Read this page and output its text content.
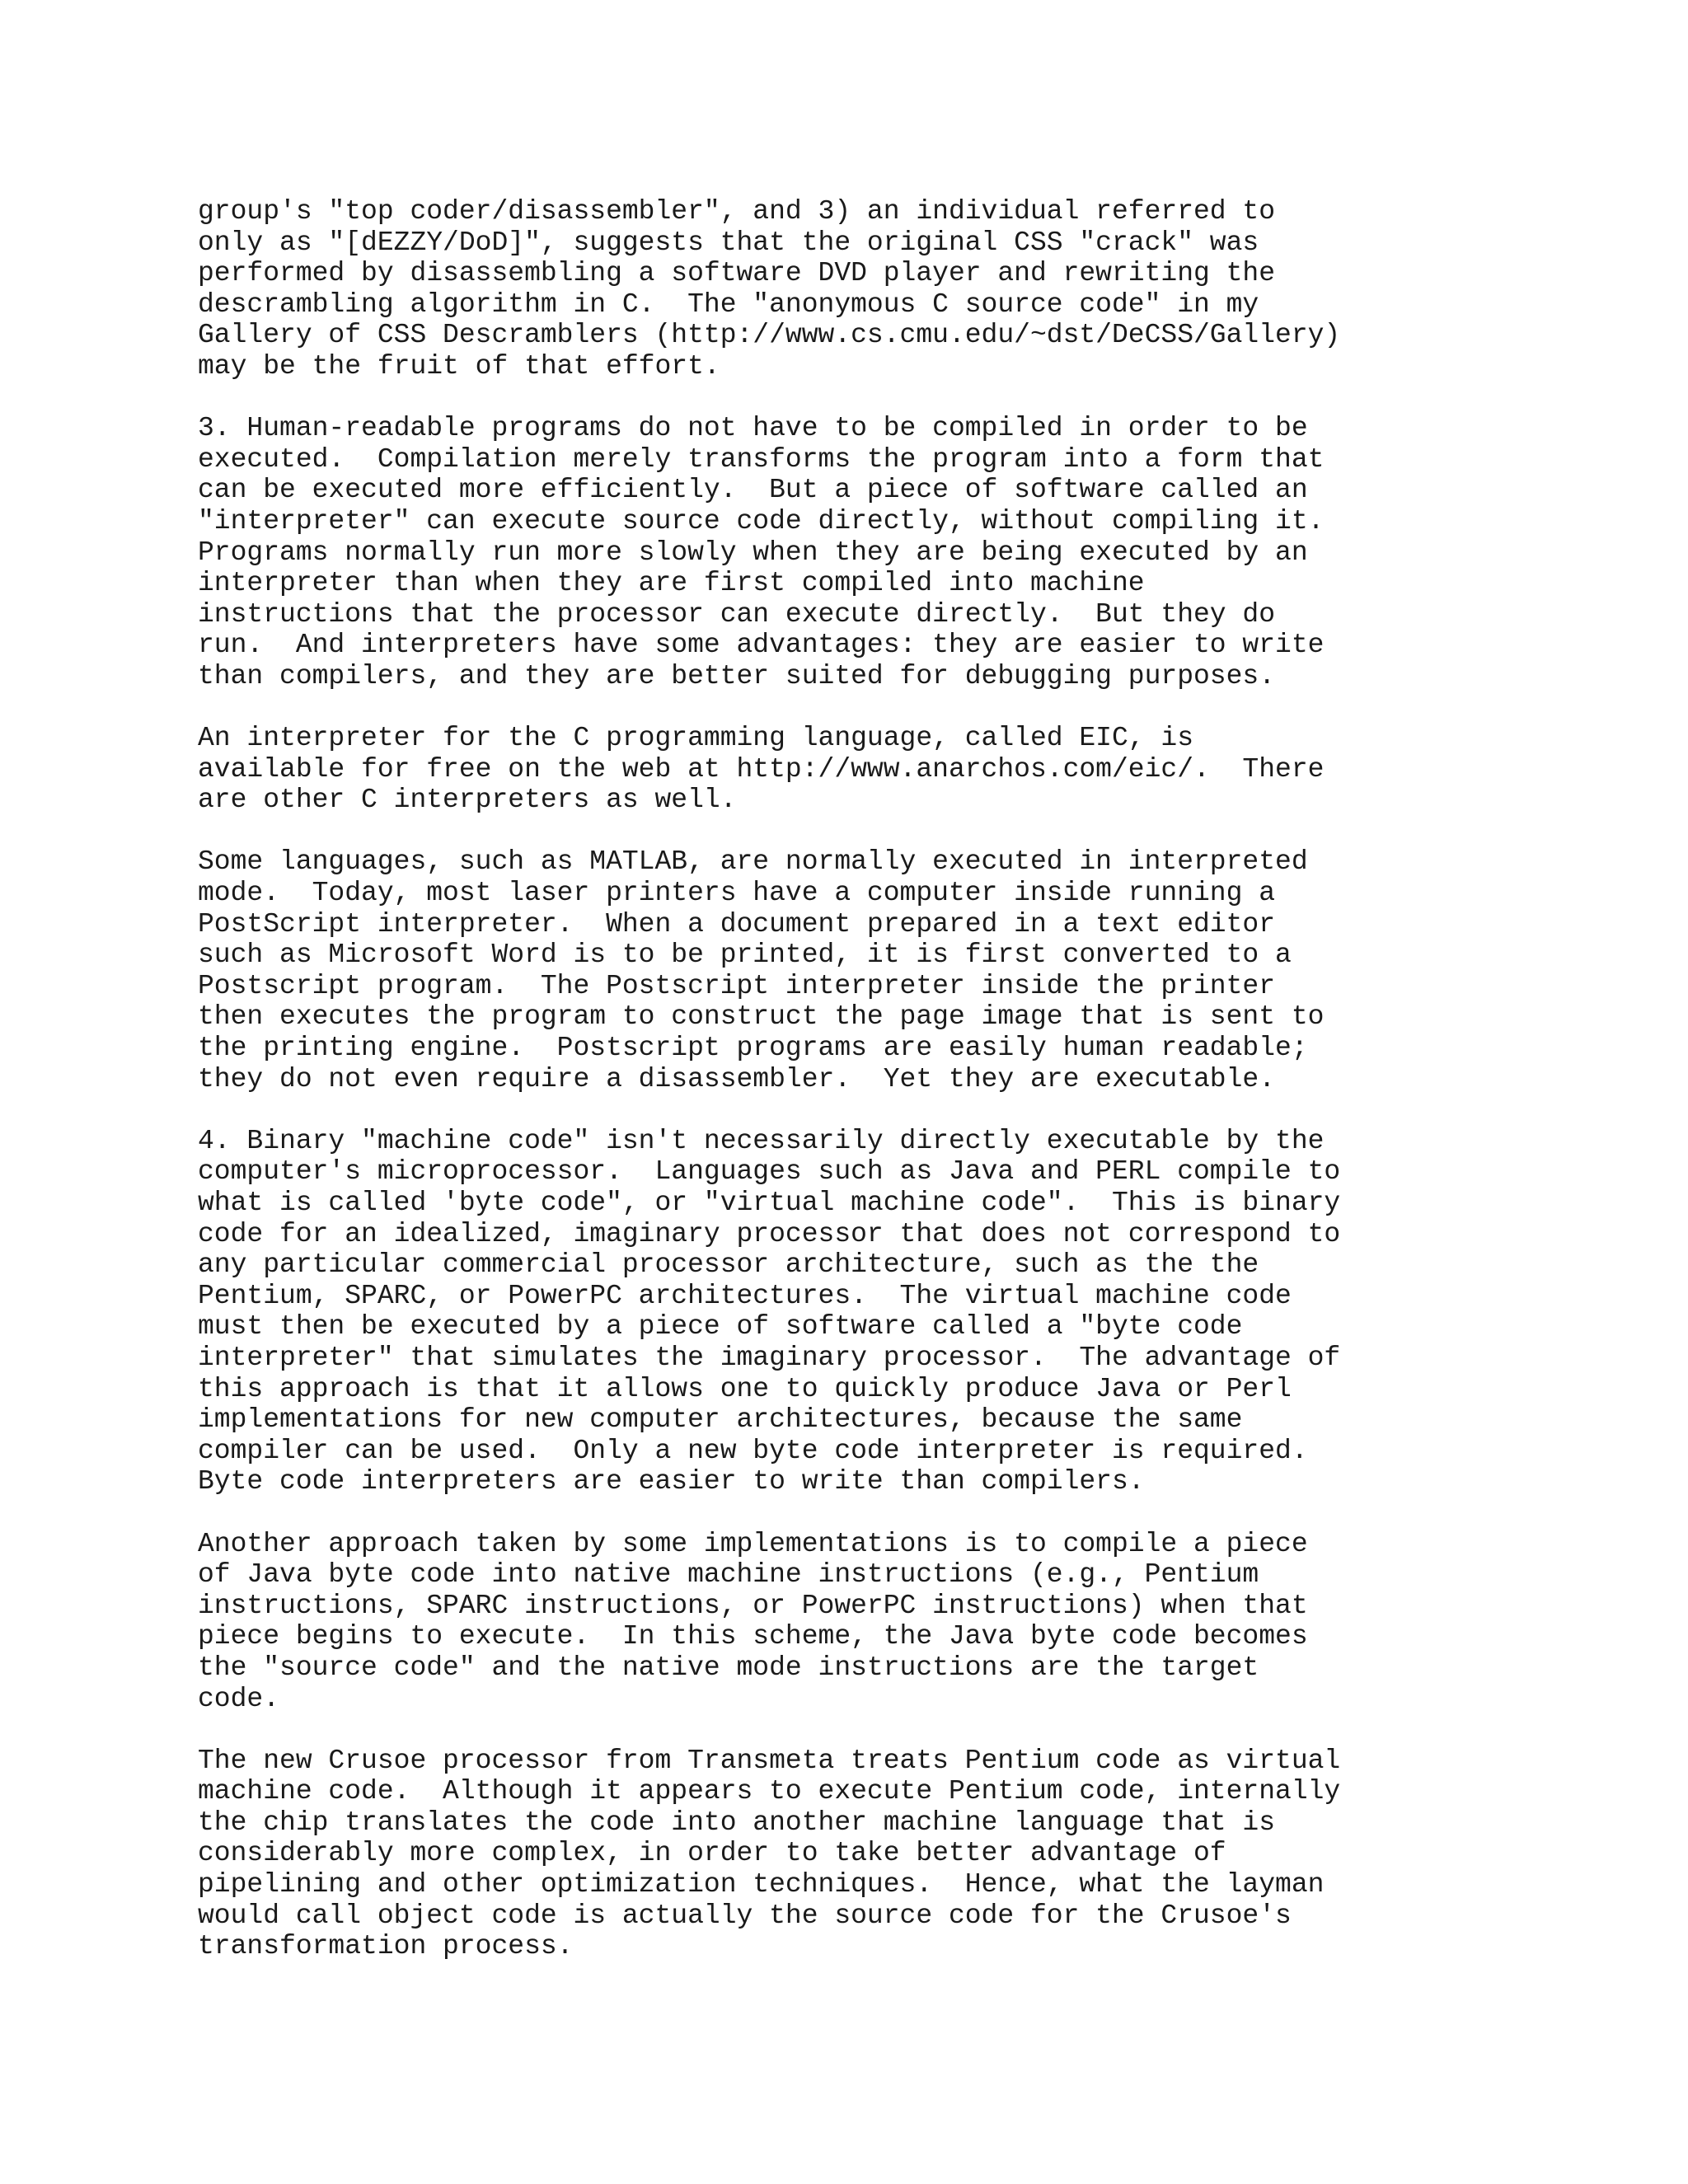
group's "top coder/disassembler", and 3) an individual referred to
only as "[dEZZY/DoD]", suggests that the original CSS "crack" was
performed by disassembling a software DVD player and rewriting the
descrambling algorithm in C.  The "anonymous C source code" in my
Gallery of CSS Descramblers (http://www.cs.cmu.edu/~dst/DeCSS/Gallery)
may be the fruit of that effort.
3. Human-readable programs do not have to be compiled in order to be
executed.  Compilation merely transforms the program into a form that
can be executed more efficiently.  But a piece of software called an
"interpreter" can execute source code directly, without compiling it.
Programs normally run more slowly when they are being executed by an
interpreter than when they are first compiled into machine
instructions that the processor can execute directly.  But they do
run.  And interpreters have some advantages: they are easier to write
than compilers, and they are better suited for debugging purposes.
An interpreter for the C programming language, called EIC, is
available for free on the web at http://www.anarchos.com/eic/.  There
are other C interpreters as well.
Some languages, such as MATLAB, are normally executed in interpreted
mode.  Today, most laser printers have a computer inside running a
PostScript interpreter.  When a document prepared in a text editor
such as Microsoft Word is to be printed, it is first converted to a
Postscript program.  The Postscript interpreter inside the printer
then executes the program to construct the page image that is sent to
the printing engine.  Postscript programs are easily human readable;
they do not even require a disassembler.  Yet they are executable.
4. Binary "machine code" isn't necessarily directly executable by the
computer's microprocessor.  Languages such as Java and PERL compile to
what is called 'byte code", or "virtual machine code".  This is binary
code for an idealized, imaginary processor that does not correspond to
any particular commercial processor architecture, such as the the
Pentium, SPARC, or PowerPC architectures.  The virtual machine code
must then be executed by a piece of software called a "byte code
interpreter" that simulates the imaginary processor.  The advantage of
this approach is that it allows one to quickly produce Java or Perl
implementations for new computer architectures, because the same
compiler can be used.  Only a new byte code interpreter is required.
Byte code interpreters are easier to write than compilers.
Another approach taken by some implementations is to compile a piece
of Java byte code into native machine instructions (e.g., Pentium
instructions, SPARC instructions, or PowerPC instructions) when that
piece begins to execute.  In this scheme, the Java byte code becomes
the "source code" and the native mode instructions are the target
code.
The new Crusoe processor from Transmeta treats Pentium code as virtual
machine code.  Although it appears to execute Pentium code, internally
the chip translates the code into another machine language that is
considerably more complex, in order to take better advantage of
pipelining and other optimization techniques.  Hence, what the layman
would call object code is actually the source code for the Crusoe's
transformation process.
